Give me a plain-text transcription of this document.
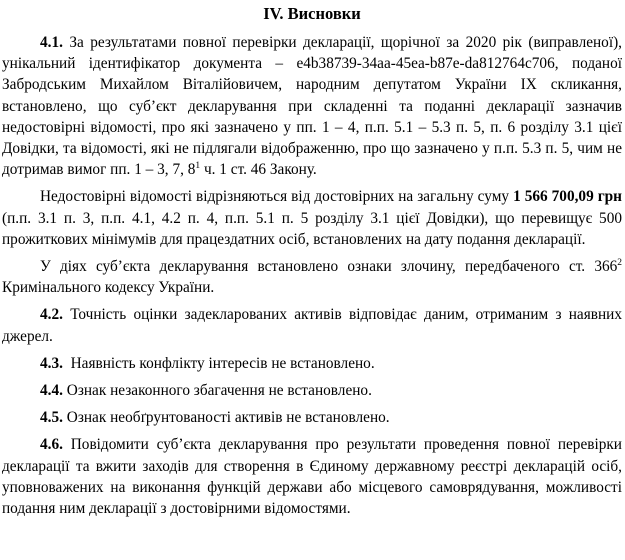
IV. Висновки

4.1. За результатами повної перевірки декларації, щорічної за 2020 рік (виправленої), унікальний ідентифікатор документа – e4b38739-34aa-45ea-b87e-da812764c706, поданої Забродським Михайлом Віталійовичем, народним депутатом України IX скликання, встановлено, що суб’єкт декларування при складенні та поданні декларації зазначив недостовірні відомості, про які зазначено у пп. 1 – 4, п.п. 5.1 – 5.3 п. 5, п. 6 розділу 3.1 цієї Довідки, та відомості, які не підлягали відображенню, про що зазначено у п.п. 5.3 п. 5, чим не дотримав вимог пп. 1 – 3, 7, $8^1$ ч. 1 ст. 46 Закону.

Недостовірні відомості відрізняються від достовірних на загальну суму 1 566 700,09 грн (п.п. 3.1 п. 3, п.п. 4.1, 4.2 п. 4, п.п. 5.1 п. 5 розділу 3.1 цієї Довідки), що перевищує 500 прожиткових мінімумів для працездатних осіб, встановлених на дату подання декларації.

У діях суб’єкта декларування встановлено ознаки злочину, передбаченого ст. $366^2$ Кримінального кодексу України.

4.2. Точність оцінки задекларованих активів відповідає даним, отриманим з наявних джерел.

4.3.  Наявність конфлікту інтересів не встановлено.

4.4. Ознак незаконного збагачення не встановлено.

4.5. Ознак необґрунтованості активів не встановлено.

4.6. Повідомити суб’єкта декларування про результати проведення повної перевірки декларації та вжити заходів для створення в Єдиному державному реєстрі декларацій осіб, уповноважених на виконання функцій держави або місцевого самоврядування, можливості подання ним декларації з достовірними відомостями.
